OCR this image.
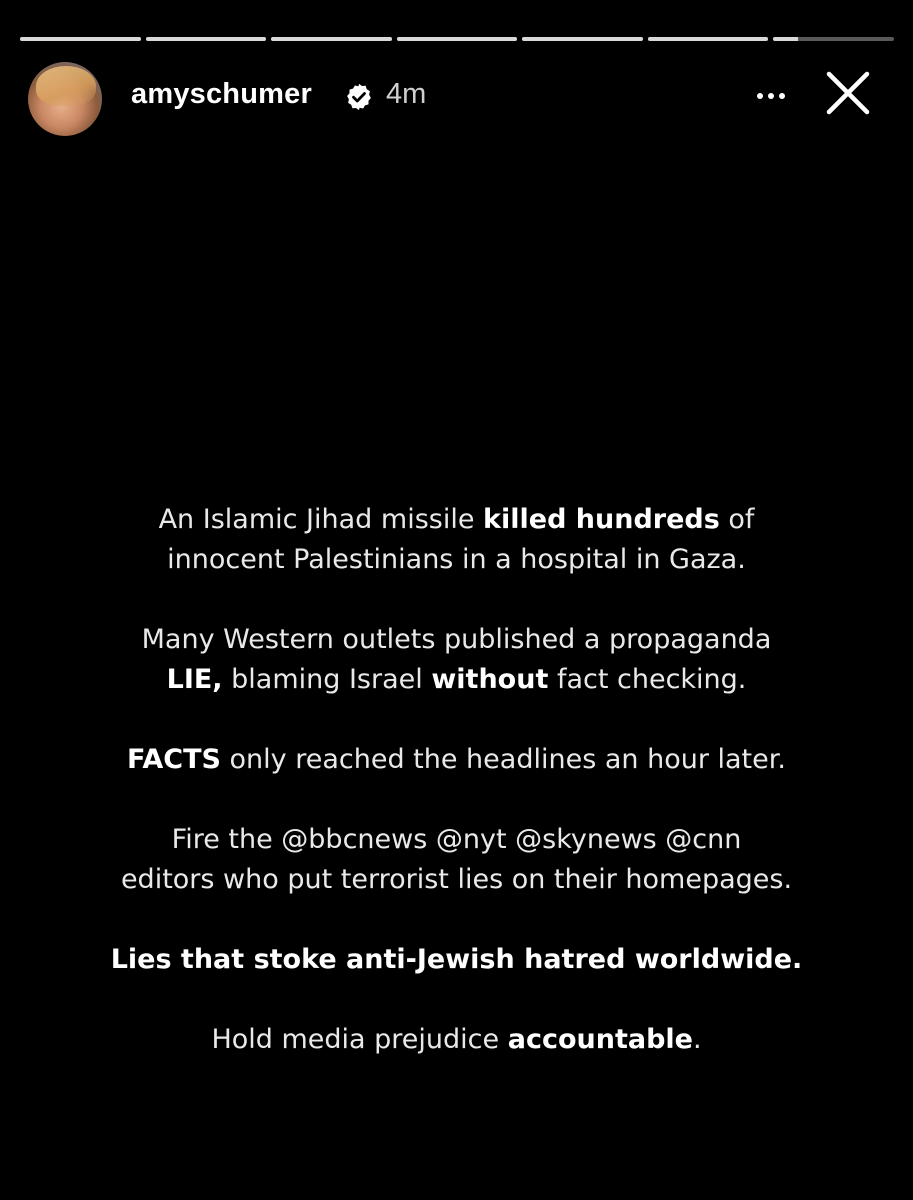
amyschumer	4m

An Islamic Jihad missile killed hundreds of
innocent Palestinians in a hospital in Gaza.

Many Western outlets published a propaganda
LIE, blaming Israel without fact checking.

FACTS only reached the headlines an hour later.

Fire the @bbcnews @nyt @skynews @cnn
editors who put terrorist lies on their homepages.

Lies that stoke anti-Jewish hatred worldwide.

Hold media prejudice accountable.
